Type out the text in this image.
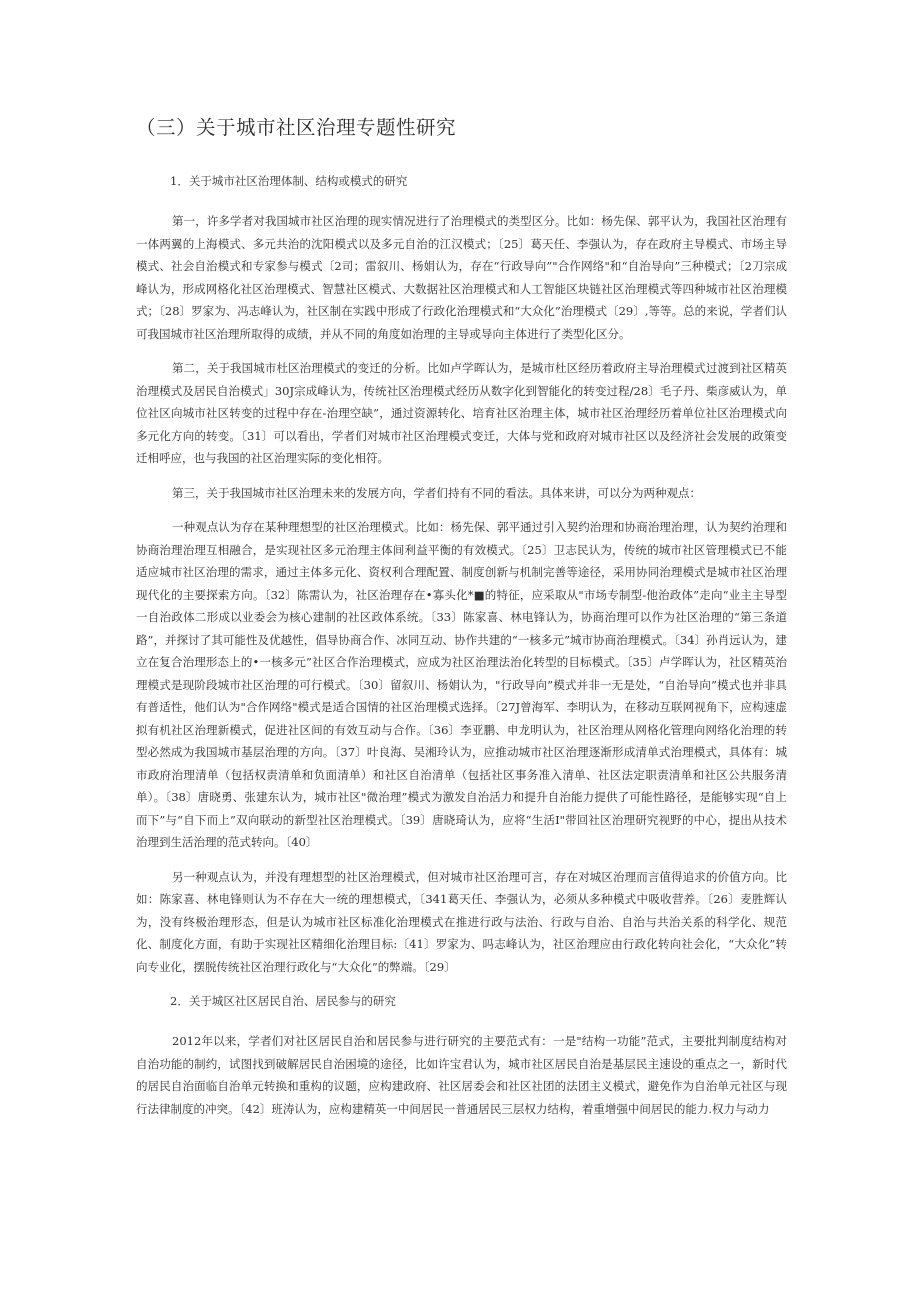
（三）关于城市社区治理专题性研究
1．关于城市社区治理体制、结构或模式的研究

第一，许多学者对我国城市社区治理的现实情况进行了治理模式的类型区分。比如：杨先保、郭平认为，我国社区治理有一体两翼的上海模式、多元共治的沈阳模式以及多元自治的江汉模式；〔25〕葛天任、李强认为，存在政府主导模式、市场主导模式、社会自治模式和专家参与模式〔2司；雷叙川、杨娟认为，存在“行政导向”"合作网络"和“自治导向”三种模式；〔2刀宗成峰认为，形成网格化社区治理模式、智慧社区模式、大数据社区治理模式和人工智能区块链社区治理模式等四种城市社区治理模式；〔28〕罗家为、冯志峰认为，社区制在实践中形成了行政化治理模式和“大众化”治理模式〔29〕,等等。总的来说，学者们认可我国城市社区治理所取得的成绩，并从不同的角度如治理的主导或导向主体进行了类型化区分。

第二，关于我国城市杜区治理模式的变迁的分析。比如卢学晖认为，是城市杜区经历着政府主导治理模式过渡到社区精英治理模式及居民自治模式」30J宗成峰认为，传统社区治理模式经历从数字化到智能化的转变过程/28〕毛子丹、柴彦威认为，单位社区向城市社区转变的过程中存在-治理空缺”，通过资源转化、培育社区治理主体，城市社区治理经历着单位社区治理模式向多元化方向的转变。〔31〕可以看出，学者们对城市社区治理模式变迁，大体与党和政府对城市社区以及经济社会发展的政策变迁相呼应，也与我国的社区治理实际的变化相符。

第三，关于我国城市社区治理未来的发展方向，学者们持有不同的看法。具体来讲，可以分为两种观点：

一种观点认为存在某种理想型的社区治理模式。比如：杨先保、郭平通过引入契约治理和协商治理治理，认为契约治理和协商治理治理互相融合，是实现社区多元治理主体间利益平衡的有效模式。〔25〕卫志民认为，传统的城市社区管理模式已不能适应城市社区治理的需求，通过主体多元化、资权利合理配置、制度创新与机制完善等途径，采用协同治理模式是城市社区治理现代化的主要探索方向。〔32〕陈需认为，社区治理存在•寡头化*■的特征，应采取从"市场专制型-他治政体”走向“业主主导型一自治政体二形成以业委会为核心建制的社区政体系统。〔33〕陈家喜、林电锋认为，协商治理可以作为社区治理的“第三条道路”，并探讨了其可能性及优越性，倡导协商合作、冰同互动、协作共建的“一核多元”城市协商治理模式。〔34〕孙肖远认为，建立在复合治理形态上的•一核多元”社区合作治理模式，应成为社区治理法治化转型的目标模式。〔35〕卢学晖认为，社区精英治理模式是现阶段城市社区治理的可行模式。〔30〕留叙川、杨娟认为，"行政导向”模式并非一无是处，“自治导向”模式也并非具有普适性，他们认为"合作网络"模式是适合国情的社区治理模式选择。〔27J曾海军、李明认为，在移动互联网视角下，应构速虚拟有机社区治理新模式，促进社区间的有效互动与合作。〔36〕李亚鹏、申龙明认为，社区治理从网格化管理向网络化治理的转型必然成为我国城市基层治理的方向。〔37〕叶良海、吴湘玲认为，应推动城市社区治理逐渐形成清单式治理模式，具体有：城市政府治理清单（包括权责清单和负面清单）和社区自治清单（包括社区事务准入清单、社区法定职责清单和社区公共服务清单）。〔38〕唐晓勇、张建东认为，城市社区"微治理”模式为激发自治活力和提升自治能力提供了可能性路径，是能够实现“自上而下”与“自下而上”双向联动的新型社区治理模式。〔39〕唐晓琦认为，应将“生活I"带回社区治理研究视野的中心，提出从技术治理到生活治理的范式转向。〔40〕

另一种观点认为，并没有理想型的社区治理模式，但对城市社区治理可言，存在对城区治理而言值得追求的价值方向。比如：陈家喜、林电锋则认为不存在大一统的理想模式，〔341葛天任、李强认为，必须从多种模式中吸收营养。〔26〕麦胜辉认为，没有终极治理形态，但是认为城市社区标准化治理模式在推进行政与法治、行政与自治、自治与共治关系的科学化、规范化、制度化方面，有助于实现社区精细化治理目标:〔41〕罗家为、吗志峰认为，社区治理应由行政化转向社会化，“大众化”转向专业化，摆脱传统社区治理行政化与“大众化”的弊端。〔29〕

2．关于城区社区居民自治、居民参与的研究

2012年以来，学者们对社区居民自治和居民参与进行研究的主要范式有：一是"结构一功能”范式，主要批判制度结构对自治功能的制约，试图找到破解居民自治困境的途径，比如许宝君认为，城市社区居民自治是基层民主速设的重点之一，新时代的居民自治面临自治单元转换和重构的议题，应构建政府、社区居委会和社区社团的法团主义模式，避免作为自治单元社区与现行法律制度的冲突。〔42〕班涛认为，应构建精英一中间居民一普通居民三层权力结构，着重增强中间居民的能力.权力与动力
